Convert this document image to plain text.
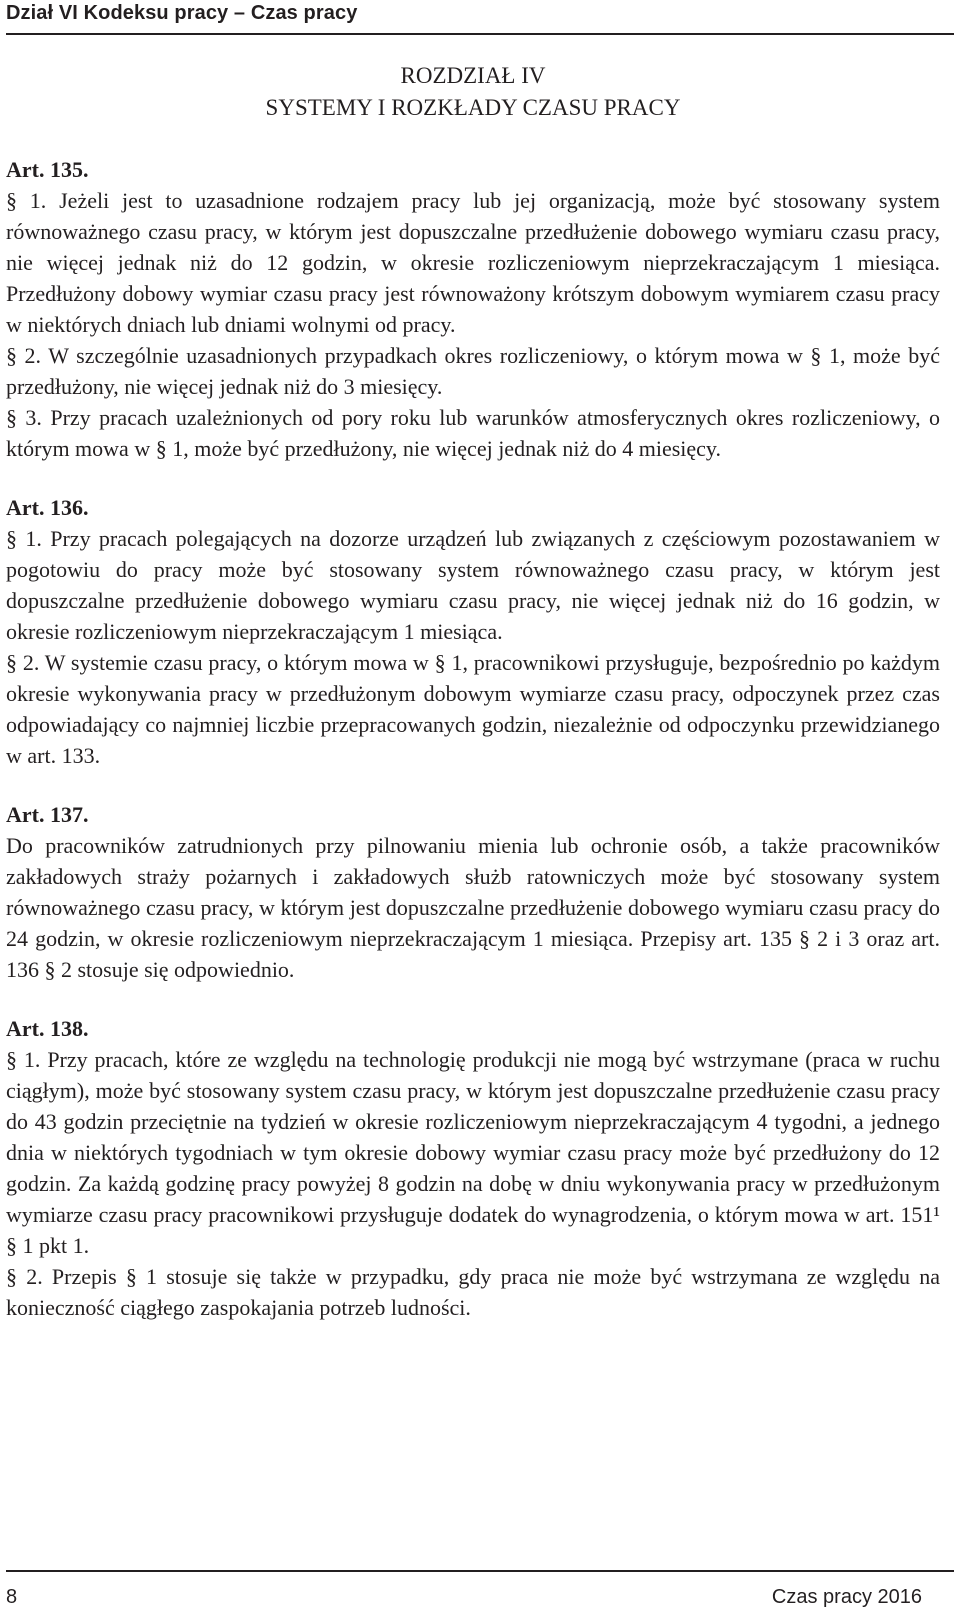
Dział VI Kodeksu pracy – Czas pracy
ROZDZIAŁ IV
SYSTEMY I ROZKŁADY CZASU PRACY

Art. 135.

§ 1. Jeżeli jest to uzasadnione rodzajem pracy lub jej organizacją, może być stosowany system równoważnego czasu pracy, w którym jest dopuszczalne przedłużenie dobowego wymiaru czasu pracy, nie więcej jednak niż do 12 godzin, w okresie rozliczeniowym nieprzekraczającym 1 miesiąca. Przedłużony dobowy wymiar czasu pracy jest równoważony krótszym dobowym wymiarem czasu pracy w niektórych dniach lub dniami wolnymi od pracy.

§ 2. W szczególnie uzasadnionych przypadkach okres rozliczeniowy, o którym mowa w § 1, może być przedłużony, nie więcej jednak niż do 3 miesięcy.

§ 3. Przy pracach uzależnionych od pory roku lub warunków atmosferycznych okres rozliczeniowy, o którym mowa w § 1, może być przedłużony, nie więcej jednak niż do 4 miesięcy.

Art. 136.

§ 1. Przy pracach polegających na dozorze urządzeń lub związanych z częściowym pozostawaniem w pogotowiu do pracy może być stosowany system równoważnego czasu pracy, w którym jest dopuszczalne przedłużenie dobowego wymiaru czasu pracy, nie więcej jednak niż do 16 godzin, w okresie rozliczeniowym nieprzekraczającym 1 miesiąca.

§ 2. W systemie czasu pracy, o którym mowa w § 1, pracownikowi przysługuje, bezpośrednio po każdym okresie wykonywania pracy w przedłużonym dobowym wymiarze czasu pracy, odpoczynek przez czas odpowiadający co najmniej liczbie przepracowanych godzin, niezależnie od odpoczynku przewidzianego w art. 133.

Art. 137.

Do pracowników zatrudnionych przy pilnowaniu mienia lub ochronie osób, a także pracowników zakładowych straży pożarnych i zakładowych służb ratowniczych może być stosowany system równoważnego czasu pracy, w którym jest dopuszczalne przedłużenie dobowego wymiaru czasu pracy do 24 godzin, w okresie rozliczeniowym nieprzekraczającym 1 miesiąca. Przepisy art. 135 § 2 i 3 oraz art. 136 § 2 stosuje się odpowiednio.

Art. 138.

§ 1. Przy pracach, które ze względu na technologię produkcji nie mogą być wstrzymane (praca w ruchu ciągłym), może być stosowany system czasu pracy, w którym jest dopuszczalne przedłużenie czasu pracy do 43 godzin przeciętnie na tydzień w okresie rozliczeniowym nieprzekraczającym 4 tygodni, a jednego dnia w niektórych tygodniach w tym okresie dobowy wymiar czasu pracy może być przedłużony do 12 godzin. Za każdą godzinę pracy powyżej 8 godzin na dobę w dniu wykonywania pracy w przedłużonym wymiarze czasu pracy pracownikowi przysługuje dodatek do wynagrodzenia, o którym mowa w art. 151¹ § 1 pkt 1.

§ 2. Przepis § 1 stosuje się także w przypadku, gdy praca nie może być wstrzymana ze względu na konieczność ciągłego zaspokajania potrzeb ludności.

8	Czas pracy 2016
